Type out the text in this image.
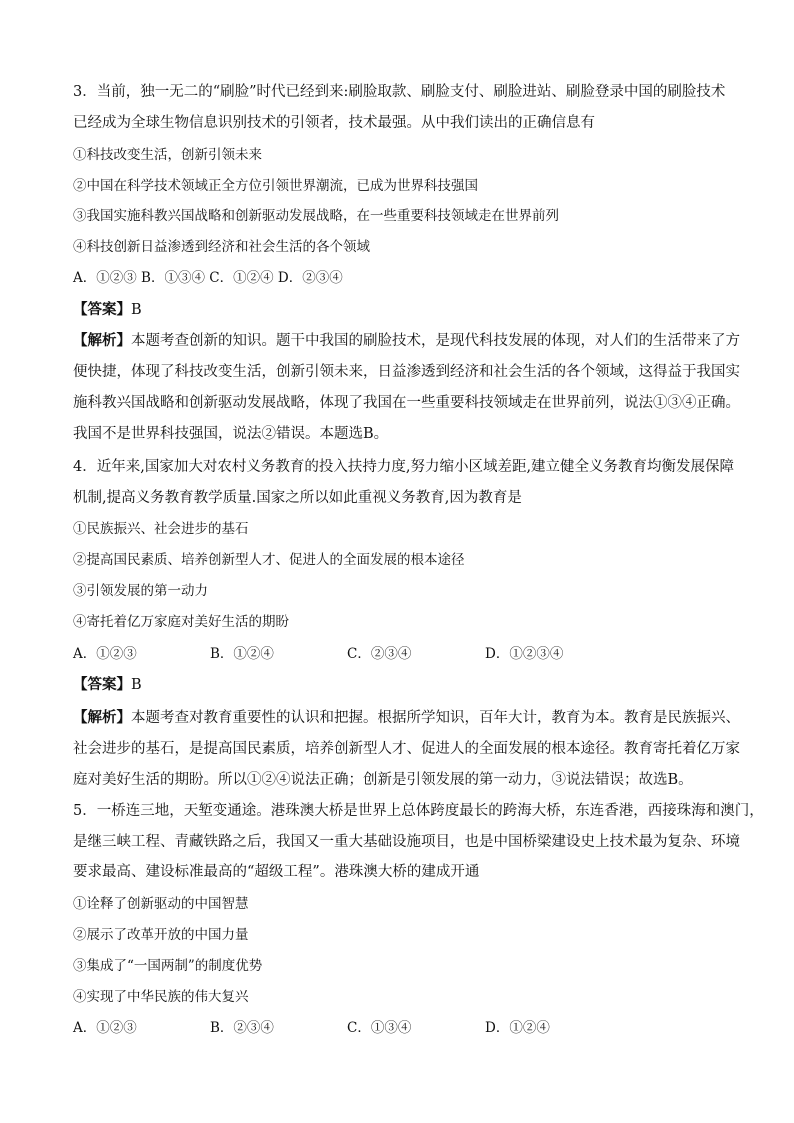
3．当前，独一无二的“刷脸”时代已经到来:刷脸取款、刷脸支付、刷脸进站、刷脸登录中国的刷脸技术
已经成为全球生物信息识别技术的引领者，技术最强。从中我们读出的正确信息有
①科技改变生活，创新引领未来
②中国在科学技术领域正全方位引领世界潮流，已成为世界科技强国
③我国实施科教兴国战略和创新驱动发展战略，在一些重要科技领域走在世界前列
④科技创新日益渗透到经济和社会生活的各个领域
A．①②③ B．①③④ C．①②④ D．②③④
【答案】B
【解析】本题考查创新的知识。题干中我国的刷脸技术，是现代科技发展的体现，对人们的生活带来了方
便快捷，体现了科技改变生活，创新引领未来，日益渗透到经济和社会生活的各个领域，这得益于我国实
施科教兴国战略和创新驱动发展战略，体现了我国在一些重要科技领域走在世界前列，说法①③④正确。
我国不是世界科技强国，说法②错误。本题选B。
4．近年来,国家加大对农村义务教育的投入扶持力度,努力缩小区域差距,建立健全义务教育均衡发展保障
机制,提高义务教育教学质量.国家之所以如此重视义务教育,因为教育是
①民族振兴、社会进步的基石
②提高国民素质、培养创新型人才、促进人的全面发展的根本途径
③引领发展的第一动力
④寄托着亿万家庭对美好生活的期盼
A．①②③	B．①②④	C．②③④	D．①②③④
【答案】B
【解析】本题考查对教育重要性的认识和把握。根据所学知识，百年大计，教育为本。教育是民族振兴、
社会进步的基石，是提高国民素质，培养创新型人才、促进人的全面发展的根本途径。教育寄托着亿万家
庭对美好生活的期盼。所以①②④说法正确；创新是引领发展的第一动力，③说法错误；故选B。
5．一桥连三地，天堑变通途。港珠澳大桥是世界上总体跨度最长的跨海大桥，东连香港，西接珠海和澳门，
是继三峡工程、青藏铁路之后，我国又一重大基础设施项目，也是中国桥梁建设史上技术最为复杂、环境
要求最高、建设标准最高的“超级工程”。港珠澳大桥的建成开通
①诠释了创新驱动的中国智慧
②展示了改革开放的中国力量
③集成了“一国两制”的制度优势
④实现了中华民族的伟大复兴
A．①②③	B．②③④	C．①③④	D．①②④
